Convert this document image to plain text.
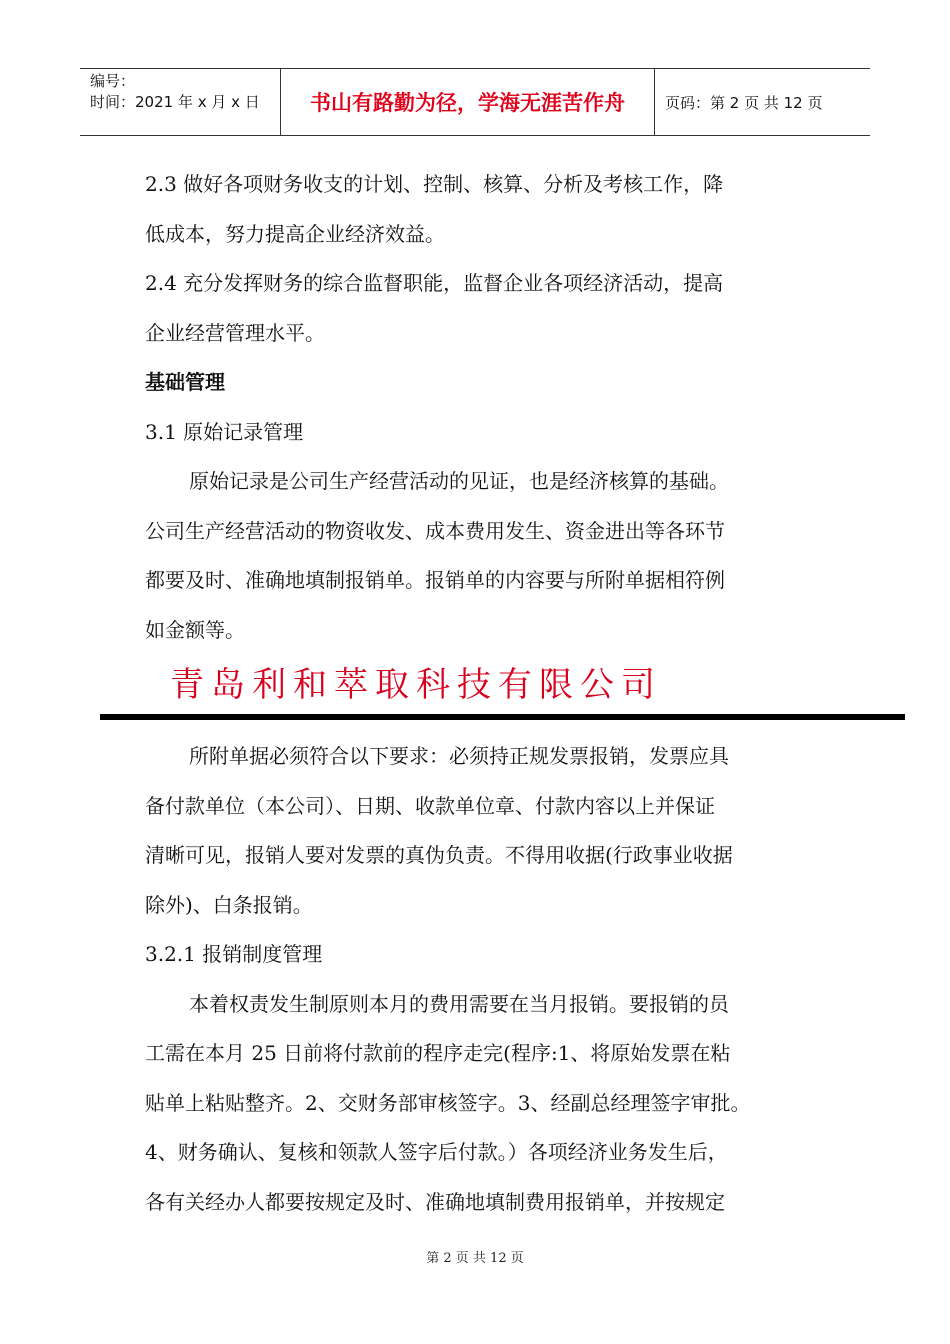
编号：
时间：2021 年 x 月 x 日	书山有路勤为径，学海无涯苦作舟	页码：第 2 页 共 12 页

2.3 做好各项财务收支的计划、控制、核算、分析及考核工作，降

低成本，努力提高企业经济效益。

2.4 充分发挥财务的综合监督职能，监督企业各项经济活动，提高

企业经营管理水平。

基础管理

3.1 原始记录管理

原始记录是公司生产经营活动的见证，也是经济核算的基础。

公司生产经营活动的物资收发、成本费用发生、资金进出等各环节

都要及时、准确地填制报销单。报销单的内容要与所附单据相符例

如金额等。

青岛利和萃取科技有限公司

所附单据必须符合以下要求：必须持正规发票报销，发票应具

备付款单位（本公司）、日期、收款单位章、付款内容以上并保证

清晰可见，报销人要对发票的真伪负责。不得用收据(行政事业收据

除外)、白条报销。

3.2.1 报销制度管理

本着权责发生制原则本月的费用需要在当月报销。要报销的员

工需在本月 25 日前将付款前的程序走完(程序:1、将原始发票在粘

贴单上粘贴整齐。2、交财务部审核签字。3、经副总经理签字审批。

4、财务确认、复核和领款人签字后付款。）各项经济业务发生后，

各有关经办人都要按规定及时、准确地填制费用报销单，并按规定

第 2 页 共 12 页
